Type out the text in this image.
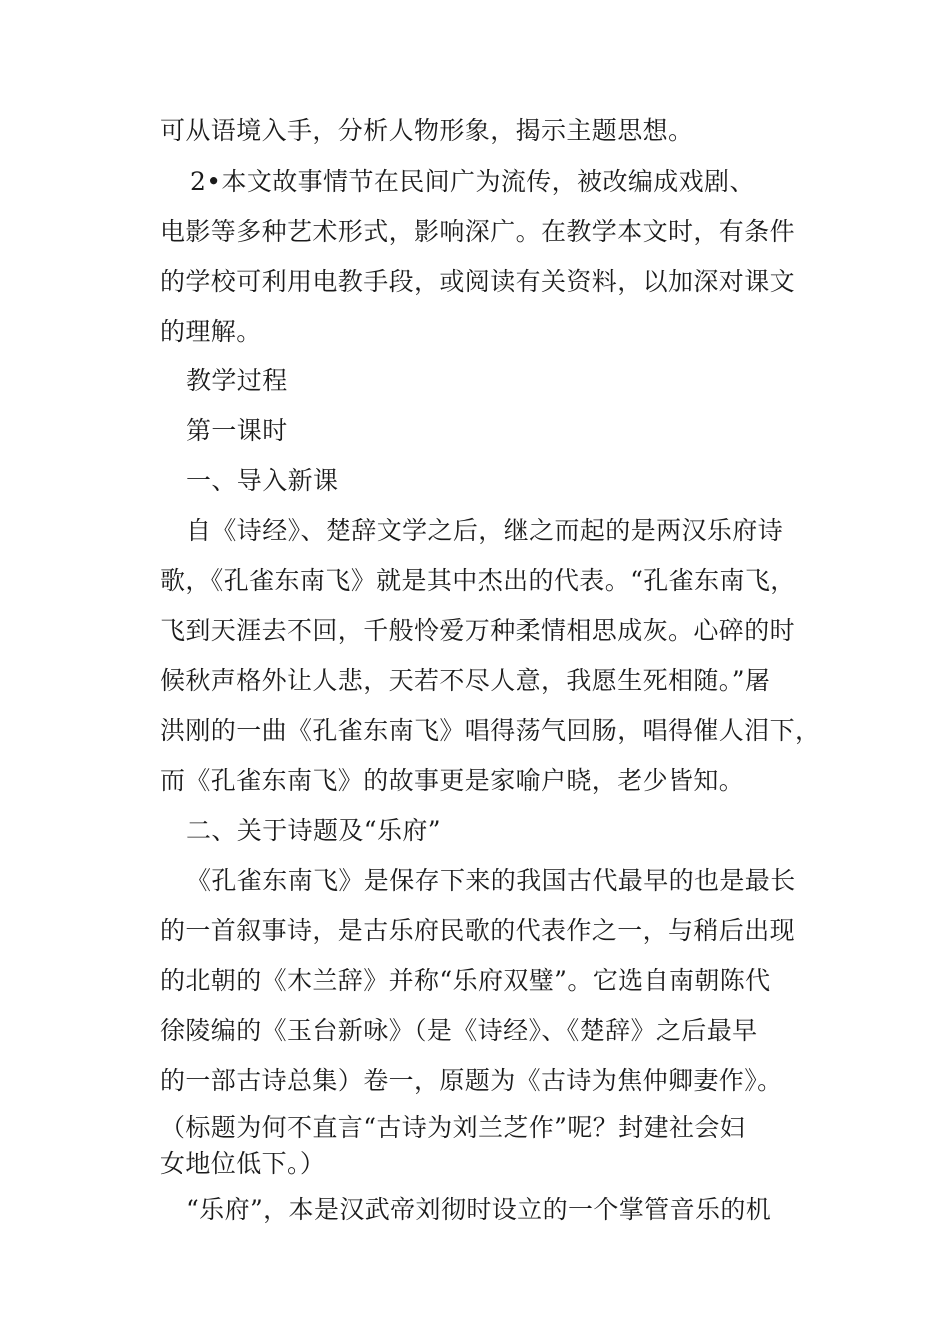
可从语境入手，分析人物形象，揭示主题思想。
2•本文故事情节在民间广为流传，被改编成戏剧、
电影等多种艺术形式，影响深广。在教学本文时，有条件
的学校可利用电教手段，或阅读有关资料，以加深对课文
的理解。
教学过程
第一课时
一、导入新课
自《诗经》、楚辞文学之后，继之而起的是两汉乐府诗
歌，《孔雀东南飞》就是其中杰出的代表。“孔雀东南飞，
飞到天涯去不回，千般怜爱万种柔情相思成灰。心碎的时
候秋声格外让人悲，天若不尽人意，我愿生死相随。”屠
洪刚的一曲《孔雀东南飞》唱得荡气回肠，唱得催人泪下，
而《孔雀东南飞》的故事更是家喻户晓，老少皆知。
二、关于诗题及“乐府”
《孔雀东南飞》是保存下来的我国古代最早的也是最长
的一首叙事诗，是古乐府民歌的代表作之一，与稍后出现
的北朝的《木兰辞》并称“乐府双璧”。它选自南朝陈代
徐陵编的《玉台新咏》（是《诗经》、《楚辞》之后最早
的一部古诗总集）卷一，原题为《古诗为焦仲卿妻作》。
（标题为何不直言“古诗为刘兰芝作”呢？封建社会妇
女地位低下。）
“乐府”，本是汉武帝刘彻时设立的一个掌管音乐的机
